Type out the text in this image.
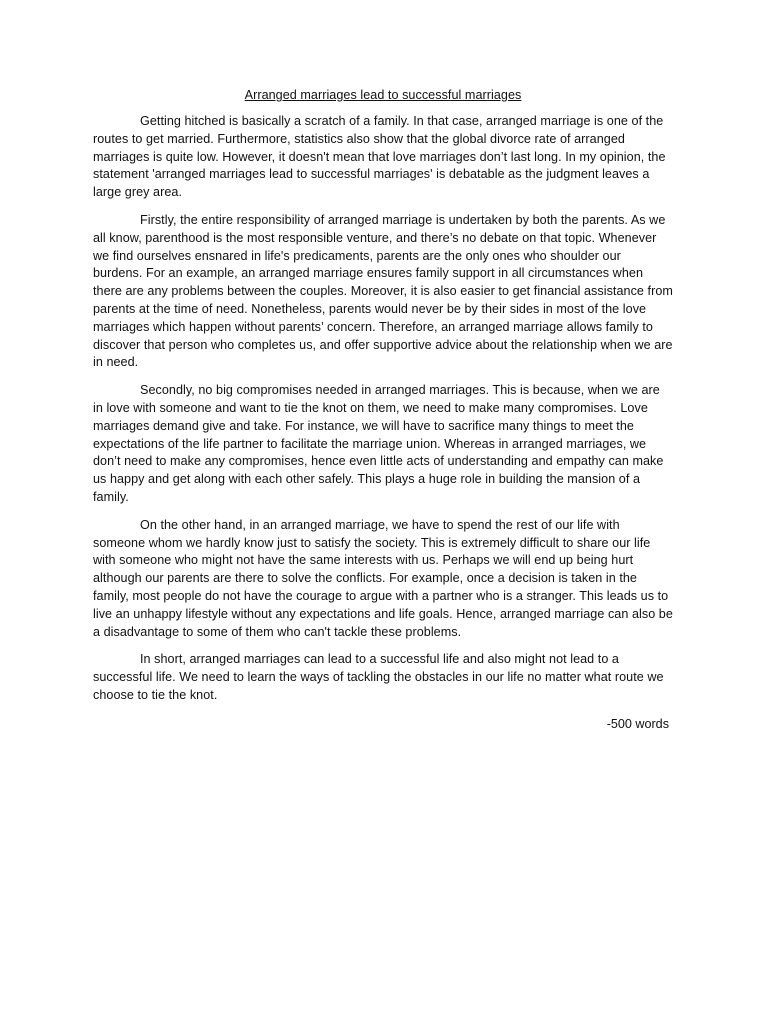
Arranged marriages lead to successful marriages

Getting hitched is basically a scratch of a family. In that case, arranged marriage is one of the routes to get married. Furthermore, statistics also show that the global divorce rate of arranged marriages is quite low. However, it doesn't mean that love marriages don’t last long. In my opinion, the statement 'arranged marriages lead to successful marriages' is debatable as the judgment leaves a large grey area.

Firstly, the entire responsibility of arranged marriage is undertaken by both the parents. As we all know, parenthood is the most responsible venture, and there’s no debate on that topic. Whenever we find ourselves ensnared in life's predicaments, parents are the only ones who shoulder our burdens. For an example, an arranged marriage ensures family support in all circumstances when there are any problems between the couples. Moreover, it is also easier to get financial assistance from parents at the time of need. Nonetheless, parents would never be by their sides in most of the love marriages which happen without parents’ concern. Therefore, an arranged marriage allows family to discover that person who completes us, and offer supportive advice about the relationship when we are in need.

Secondly, no big compromises needed in arranged marriages. This is because, when we are in love with someone and want to tie the knot on them, we need to make many compromises. Love marriages demand give and take. For instance, we will have to sacrifice many things to meet the expectations of the life partner to facilitate the marriage union. Whereas in arranged marriages, we don’t need to make any compromises, hence even little acts of understanding and empathy can make us happy and get along with each other safely. This plays a huge role in building the mansion of a family.

On the other hand, in an arranged marriage, we have to spend the rest of our life with someone whom we hardly know just to satisfy the society. This is extremely difficult to share our life with someone who might not have the same interests with us. Perhaps we will end up being hurt although our parents are there to solve the conflicts. For example, once a decision is taken in the family, most people do not have the courage to argue with a partner who is a stranger. This leads us to live an unhappy lifestyle without any expectations and life goals. Hence, arranged marriage can also be a disadvantage to some of them who can't tackle these problems.

In short, arranged marriages can lead to a successful life and also might not lead to a successful life. We need to learn the ways of tackling the obstacles in our life no matter what route we choose to tie the knot.

-500 words
